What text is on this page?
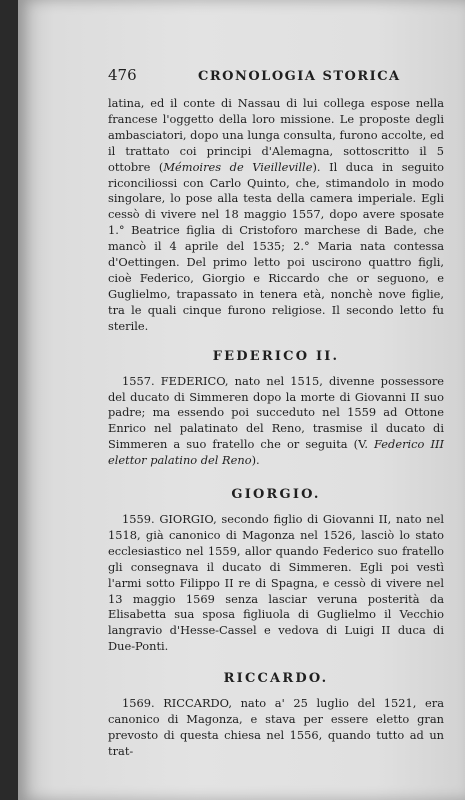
476	CRONOLOGIA STORICA

latina, ed il conte di Nassau di lui collega espose nella francese l'oggetto della loro missione. Le proposte degli ambasciatori, dopo una lunga consulta, furono accolte, ed il trattato coi principi d'Alemagna, sottoscritto il 5 ottobre (Mémoires de Vieilleville). Il duca in seguito riconciliossi con Carlo Quinto, che, stimandolo in modo singolare, lo pose alla testa della camera imperiale. Egli cessò di vivere nel 18 maggio 1557, dopo avere sposate 1.° Beatrice figlia di Cristoforo marchese di Bade, che mancò il 4 aprile del 1535; 2.° Maria nata contessa d'Oettingen. Del primo letto poi uscirono quattro figli, cioè Federico, Giorgio e Riccardo che or seguono, e Guglielmo, trapassato in tenera età, nonchè nove figlie, tra le quali cinque furono religiose. Il secondo letto fu sterile.

FEDERICO II.

1557. FEDERICO, nato nel 1515, divenne possessore del ducato di Simmeren dopo la morte di Giovanni II suo padre; ma essendo poi succeduto nel 1559 ad Ottone Enrico nel palatinato del Reno, trasmise il ducato di Simmeren a suo fratello che or seguita (V. Federico III elettor palatino del Reno).

GIORGIO.

1559. GIORGIO, secondo figlio di Giovanni II, nato nel 1518, già canonico di Magonza nel 1526, lasciò lo stato ecclesiastico nel 1559, allor quando Federico suo fratello gli consegnava il ducato di Simmeren. Egli poi vestì l'armi sotto Filippo II re di Spagna, e cessò di vivere nel 13 maggio 1569 senza lasciar veruna posterità da Elisabetta sua sposa figliuola di Guglielmo il Vecchio langravio d'Hesse-Cassel e vedova di Luigi II duca di Due-Ponti.

RICCARDO.

1569. RICCARDO, nato a' 25 luglio del 1521, era canonico di Magonza, e stava per essere eletto gran prevosto di questa chiesa nel 1556, quando tutto ad un trat-
